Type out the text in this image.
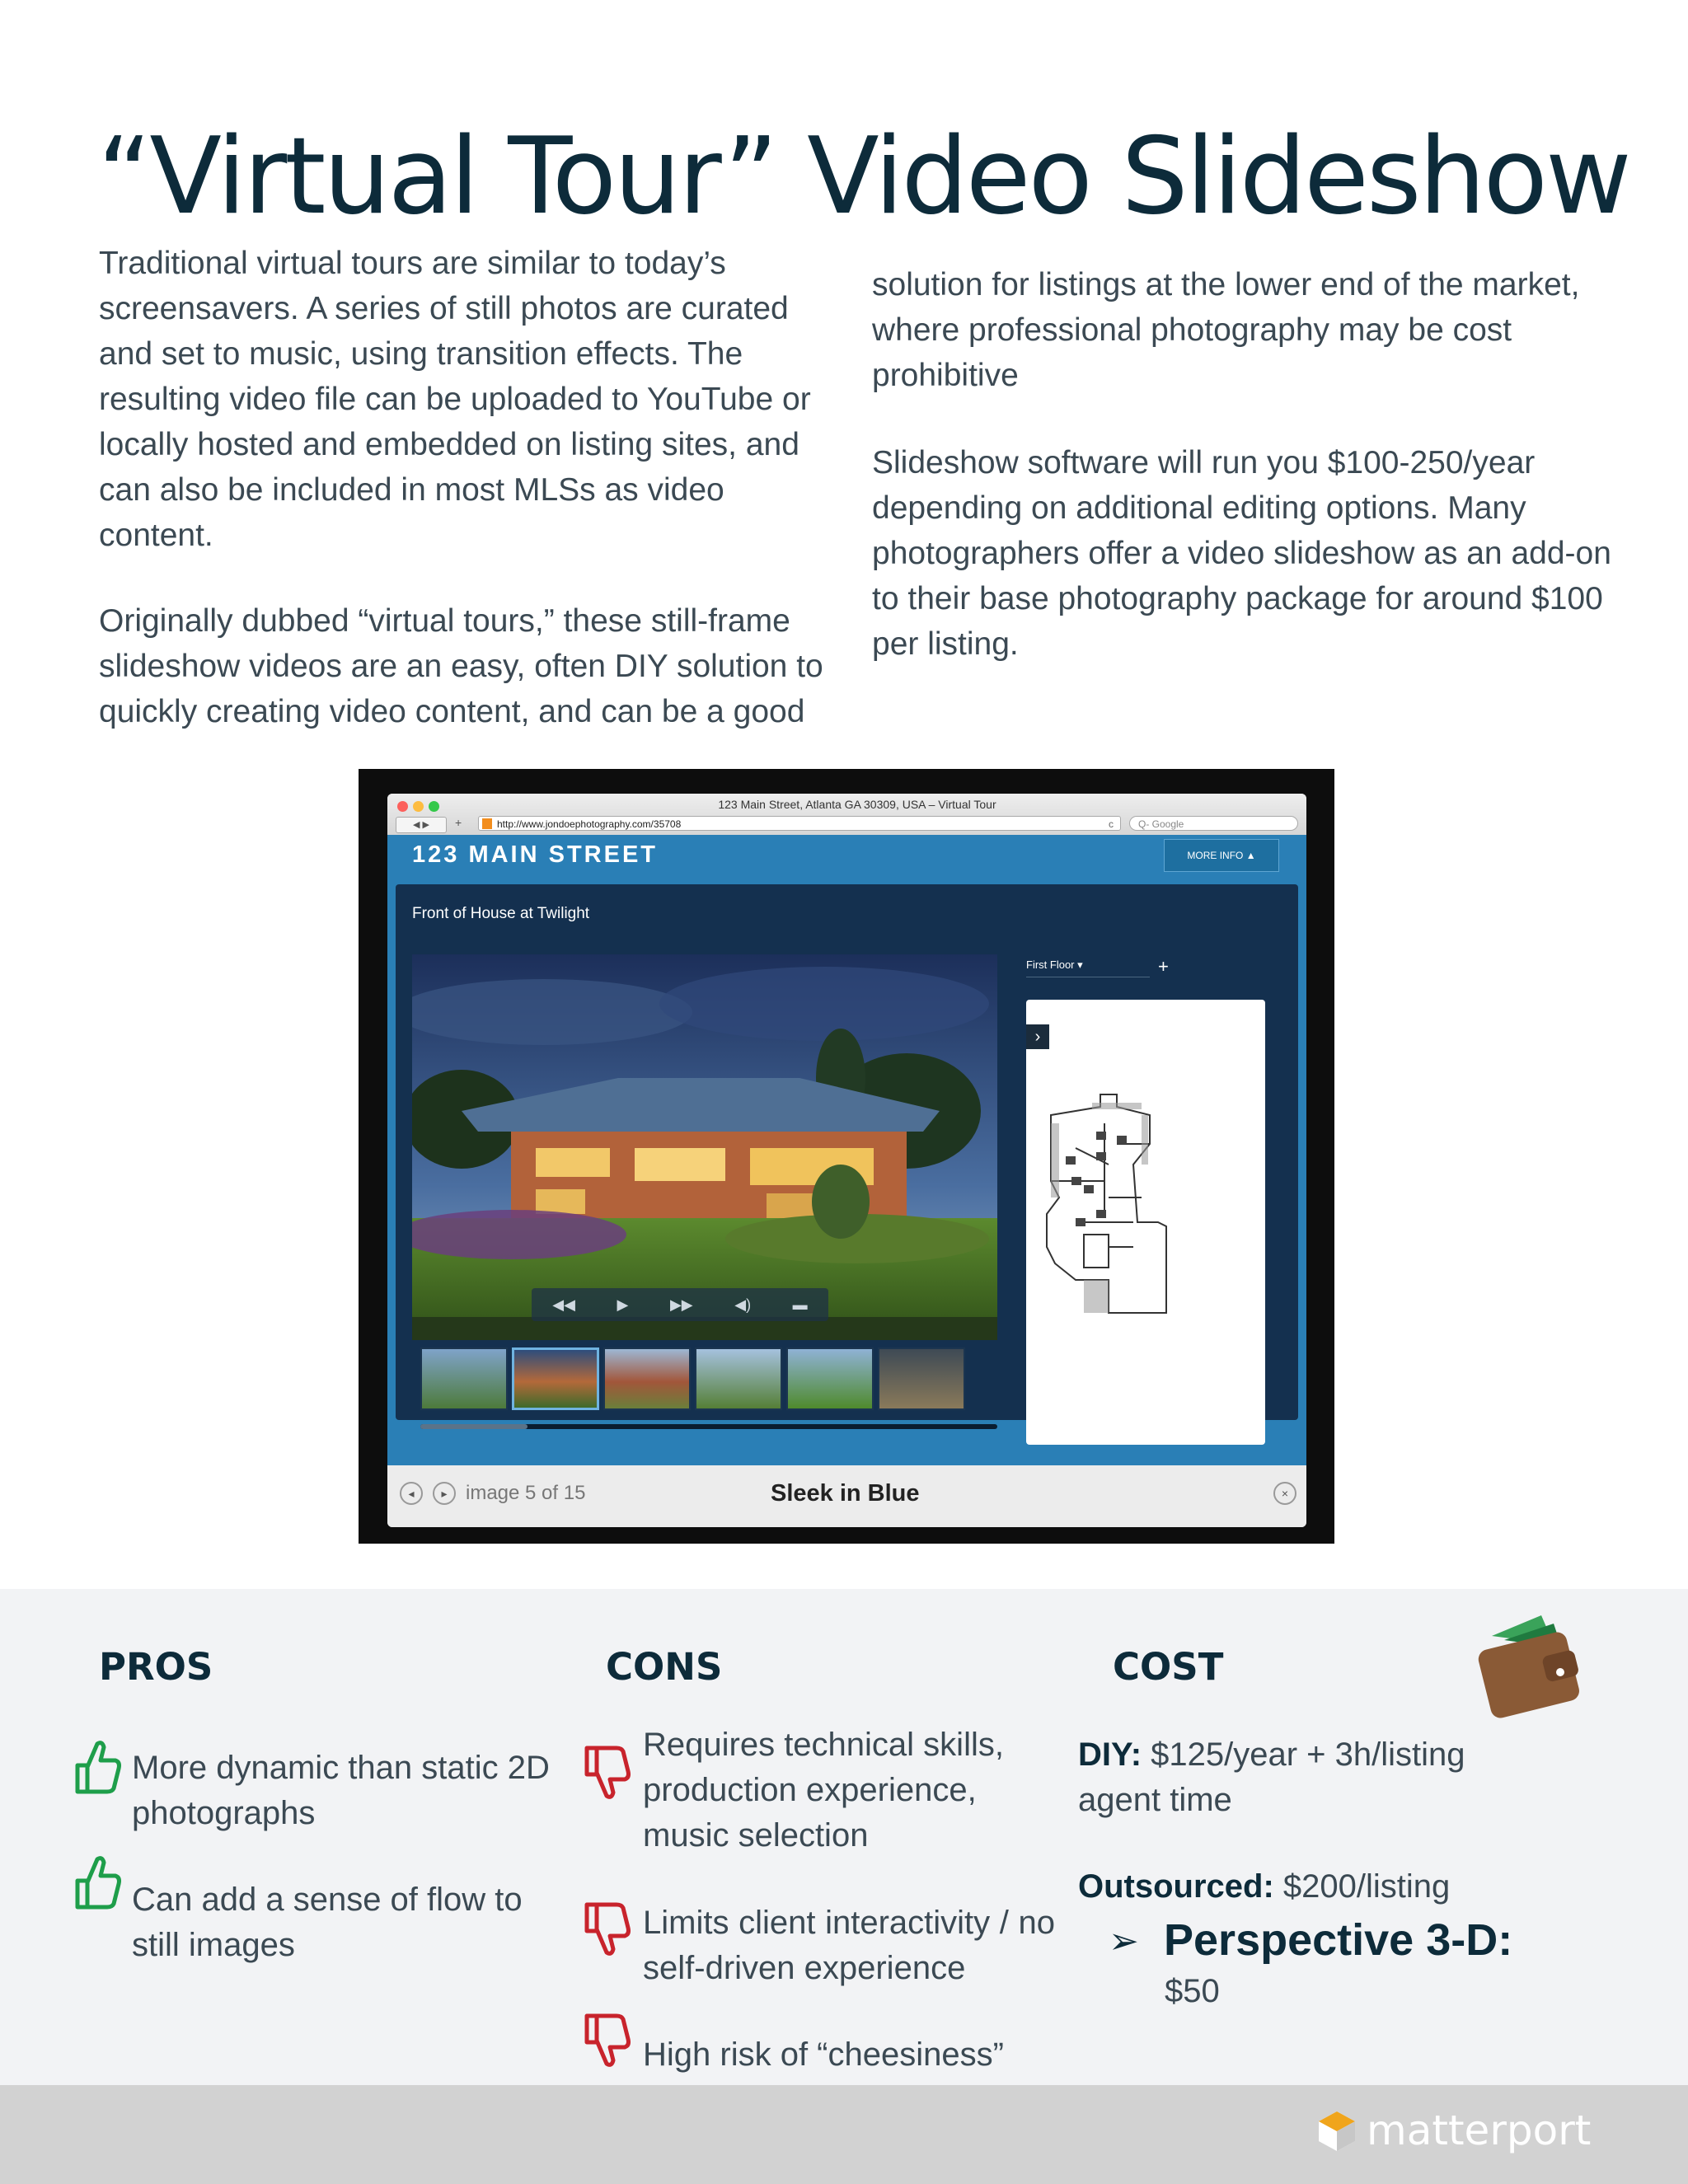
“Virtual Tour” Video Slideshow
Traditional virtual tours are similar to today’s screensavers. A series of still photos are curated and set to music, using transition effects. The resulting video file can be uploaded to YouTube or locally hosted and embedded on listing sites, and can also be included in most MLSs as video content.
Originally dubbed “virtual tours,” these still-frame slideshow videos are an easy, often DIY solution to quickly creating video content, and can be a good
solution for listings at the lower end of the market, where professional photography may be cost prohibitive
Slideshow software will run you $100-250/year depending on additional editing options. Many photographers offer a video slideshow as an add-on to their base photography package for around $100 per listing.
123 Main Street, Atlanta GA 30309, USA – Virtual Tour
◀ ▶	+	http://www.jondoephotography.com/35708	c	Q- Google
123 MAIN STREET	MORE INFO ▲
Front of House at Twilight
◀◀	▶	▶▶	◀)	▬
First Floor ▾	+
›
◂	▸ image 5 of 15	Sleek in Blue	×
PROS	CONS	COST
More dynamic than static 2D photographs
Can add a sense of flow to still images
Requires technical skills, production experience, music selection
Limits client interactivity / no self-driven experience
High risk of “cheesiness”
DIY: $125/year + 3h/listing agent time
Outsourced: $200/listing
➢ Perspective 3-D:
$50
matterport
